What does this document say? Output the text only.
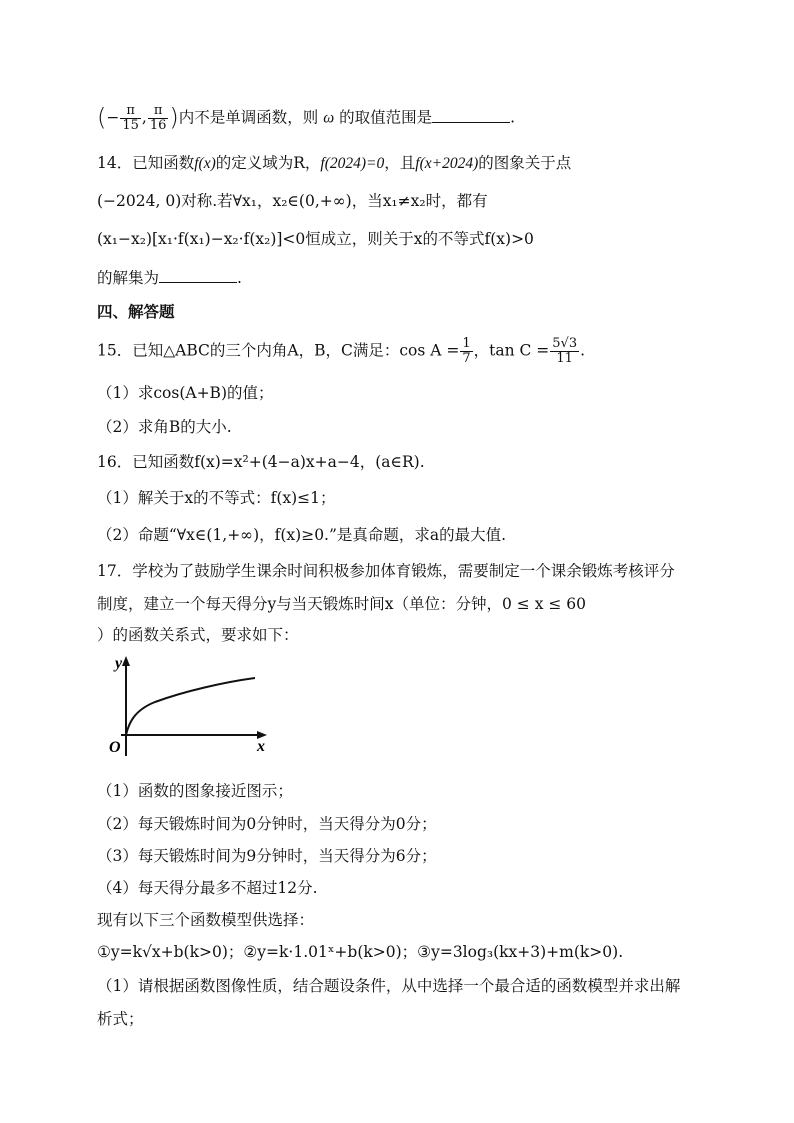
(− $\frac{\pi}{15}$ , $\frac{\pi}{16}$ )内不是单调函数，则 ω 的取值范围是	.
14．已知函数f(x)的定义域为R，f(2024)=0，且f(x+2024)的图象关于点
(−2024, 0)对称.若∀x₁，x₂∈(0,+∞)，当x₁≠x₂时，都有
(x₁−x₂)[x₁·f(x₁)−x₂·f(x₂)]<0恒成立，则关于x的不等式f(x)>0
的解集为	.
四、解答题
15．已知△ABC的三个内角A，B，C满足：$\cos A = \frac{1}{7}$ ，$\tan C = \frac{5√3}{11}$ .
（1）求cos(A+B)的值；
（2）求角B的大小.
16．已知函数f(x)=x²+(4−a)x+a−4，(a∈R).
（1）解关于x的不等式：f(x)≤1；
（2）命题“∀x∈(1,+∞)，f(x)≥0.”是真命题，求a的最大值.
17．学校为了鼓励学生课余时间积极参加体育锻炼，需要制定一个课余锻炼考核评分
制度，建立一个每天得分y与当天锻炼时间x（单位：分钟，0 ≤ x ≤ 60
）的函数关系式，要求如下：
y
x
O
（1）函数的图象接近图示；
（2）每天锻炼时间为0分钟时，当天得分为0分；
（3）每天锻炼时间为9分钟时，当天得分为6分；
（4）每天得分最多不超过12分.
现有以下三个函数模型供选择：
①y=k√x+b(k>0)；②y=k·1.01ˣ+b(k>0)；③y=3log₃(kx+3)+m(k>0).
（1）请根据函数图像性质，结合题设条件，从中选择一个最合适的函数模型并求出解
析式；
